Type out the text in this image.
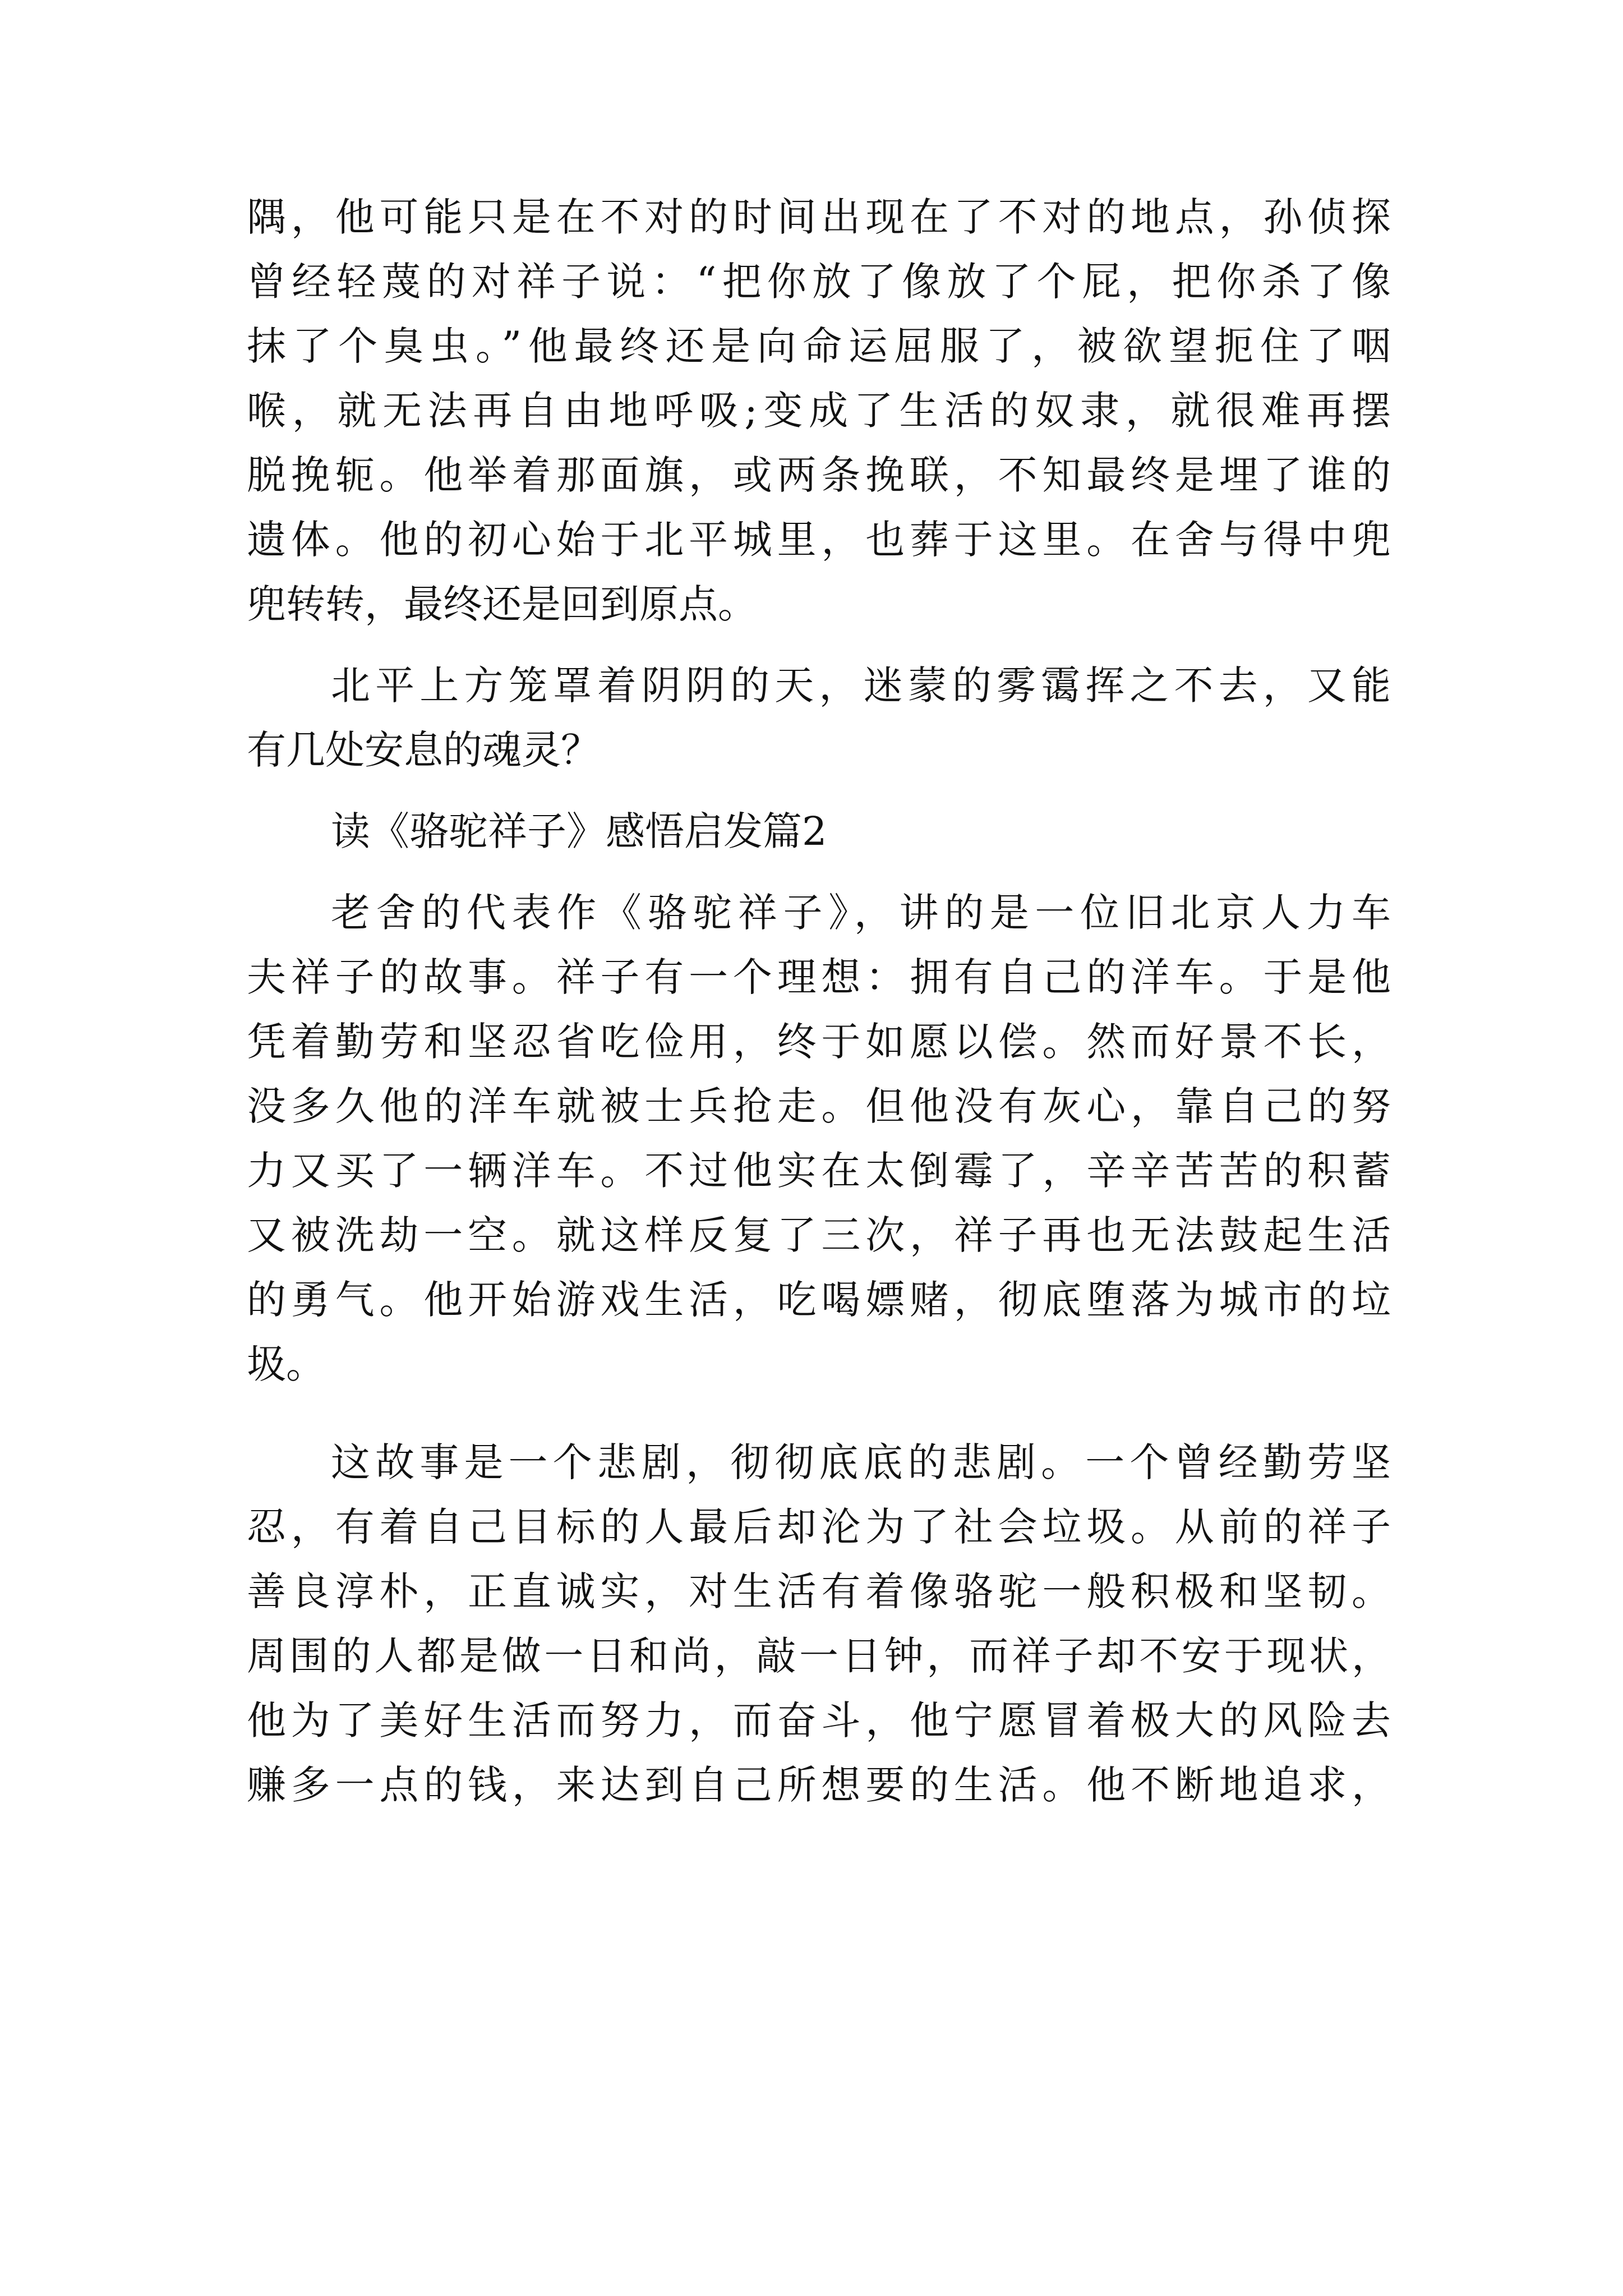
隅，他可能只是在不对的时间出现在了不对的地点，孙侦探
曾经轻蔑的对祥子说：“把你放了像放了个屁，把你杀了像
抹了个臭虫。”他最终还是向命运屈服了，被欲望扼住了咽
喉，就无法再自由地呼吸;变成了生活的奴隶，就很难再摆
脱挽轭。他举着那面旗，或两条挽联，不知最终是埋了谁的
遗体。他的初心始于北平城里，也葬于这里。在舍与得中兜
兜转转，最终还是回到原点。
北平上方笼罩着阴阴的天，迷蒙的雾霭挥之不去，又能
有几处安息的魂灵？
读《骆驼祥子》感悟启发篇2
老舍的代表作《骆驼祥子》，讲的是一位旧北京人力车
夫祥子的故事。祥子有一个理想：拥有自己的洋车。于是他
凭着勤劳和坚忍省吃俭用，终于如愿以偿。然而好景不长，
没多久他的洋车就被士兵抢走。但他没有灰心，靠自己的努
力又买了一辆洋车。不过他实在太倒霉了，辛辛苦苦的积蓄
又被洗劫一空。就这样反复了三次，祥子再也无法鼓起生活
的勇气。他开始游戏生活，吃喝嫖赌，彻底堕落为城市的垃
圾。
这故事是一个悲剧，彻彻底底的悲剧。一个曾经勤劳坚
忍，有着自己目标的人最后却沦为了社会垃圾。从前的祥子
善良淳朴，正直诚实，对生活有着像骆驼一般积极和坚韧。
周围的人都是做一日和尚，敲一日钟，而祥子却不安于现状，
他为了美好生活而努力，而奋斗，他宁愿冒着极大的风险去
赚多一点的钱，来达到自己所想要的生活。他不断地追求，
